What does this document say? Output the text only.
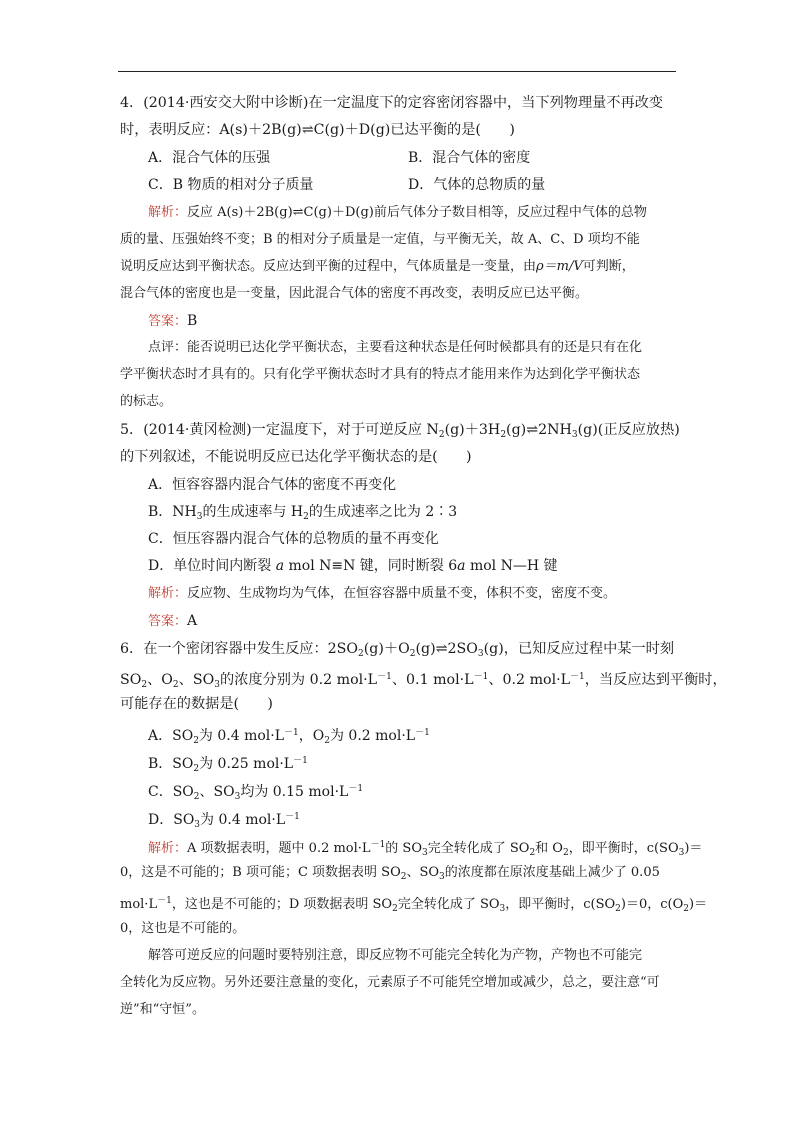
4．(2014·西安交大附中诊断)在一定温度下的定容密闭容器中，当下列物理量不再改变
时，表明反应：A(s)＋2B(g)⇌C(g)＋D(g)已达平衡的是(　　)
A．混合气体的压强	B．混合气体的密度
C．B 物质的相对分子质量	D．气体的总物质的量
解析：反应 A(s)＋2B(g)⇌C(g)＋D(g)前后气体分子数目相等，反应过程中气体的总物
质的量、压强始终不变；B 的相对分子质量是一定值，与平衡无关，故 A、C、D 项均不能
说明反应达到平衡状态。反应达到平衡的过程中，气体质量是一变量，由ρ＝m/V可判断，
混合气体的密度也是一变量，因此混合气体的密度不再改变，表明反应已达平衡。
答案：B
点评：能否说明已达化学平衡状态，主要看这种状态是任何时候都具有的还是只有在化
学平衡状态时才具有的。只有化学平衡状态时才具有的特点才能用来作为达到化学平衡状态
的标志。
5．(2014·黄冈检测)一定温度下，对于可逆反应 $N_2(g)+3H_2(g)\rightleftharpoons 2NH_3(g)$(正反应放热)
的下列叙述，不能说明反应已达化学平衡状态的是(　　)
A．恒容容器内混合气体的密度不再变化
B．$NH_3$的生成速率与 $H_2$的生成速率之比为 2∶3
C．恒压容器内混合气体的总物质的量不再变化
D．单位时间内断裂 a mol N≡N 键，同时断裂 6a mol N—H 键
解析：反应物、生成物均为气体，在恒容容器中质量不变，体积不变，密度不变。
答案：A
6．在一个密闭容器中发生反应：$2SO_2(g)+O_2(g)\rightleftharpoons 2SO_3(g)$，已知反应过程中某一时刻
$SO_2$、$O_2$、$SO_3$的浓度分别为 0.2 $mol\cdot L^{-1}$、0.1 $mol\cdot L^{-1}$、0.2 $mol\cdot L^{-1}$，当反应达到平衡时，
可能存在的数据是(　　)
A．$SO_2$为 0.4 $mol\cdot L^{-1}$，$O_2$为 0.2 $mol\cdot L^{-1}$
B．$SO_2$为 0.25 $mol\cdot L^{-1}$
C．$SO_2$、$SO_3$均为 0.15 $mol\cdot L^{-1}$
D．$SO_3$为 0.4 $mol\cdot L^{-1}$
解析：A 项数据表明，题中 0.2 $mol\cdot L^{-1}$的 $SO_3$完全转化成了 $SO_2$和 $O_2$，即平衡时，$c(SO_3)=$
0，这是不可能的；B 项可能；C 项数据表明 $SO_2$、$SO_3$的浓度都在原浓度基础上减少了 0.05
$mol\cdot L^{-1}$，这也是不可能的；D 项数据表明 $SO_2$完全转化成了 $SO_3$，即平衡时，$c(SO_2)=0$，$c(O_2)=$
0，这也是不可能的。
解答可逆反应的问题时要特别注意，即反应物不可能完全转化为产物，产物也不可能完
全转化为反应物。另外还要注意量的变化，元素原子不可能凭空增加或减少，总之，要注意“可
逆”和“守恒”。
